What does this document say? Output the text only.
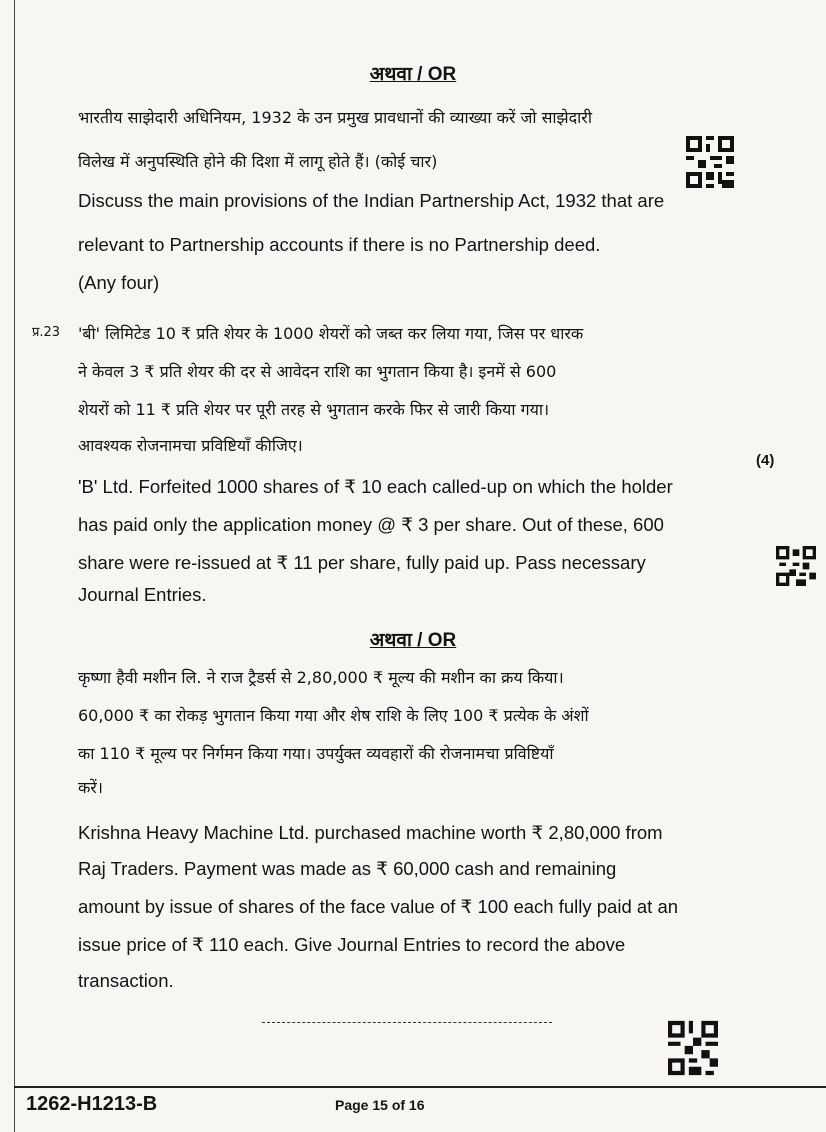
अथवा / OR
भारतीय साझेदारी अधिनियम, 1932 के उन प्रमुख प्रावधानों की व्याख्या करें जो साझेदारी
विलेख में अनुपस्थिति होने की दिशा में लागू होते हैं। (कोई चार)
Discuss the main provisions of the Indian Partnership Act, 1932 that are
relevant to Partnership accounts if there is no Partnership deed.
(Any four)
प्र.23 'बी' लिमिटेड 10 ₹ प्रति शेयर के 1000 शेयरों को जब्त कर लिया गया, जिस पर धारक
ने केवल 3 ₹ प्रति शेयर की दर से आवेदन राशि का भुगतान किया है। इनमें से 600
शेयरों को 11 ₹ प्रति शेयर पर पूरी तरह से भुगतान करके फिर से जारी किया गया।
आवश्यक रोजनामचा प्रविष्टियाँ कीजिए।
(4)
'B' Ltd. Forfeited 1000 shares of ₹ 10 each called-up on which the holder
has paid only the application money @ ₹ 3 per share. Out of these, 600
share were re-issued at ₹ 11 per share, fully paid up. Pass necessary
Journal Entries.
अथवा / OR
कृष्णा हैवी मशीन लि. ने राज ट्रैडर्स से 2,80,000 ₹ मूल्य की मशीन का क्रय किया।
60,000 ₹ का रोकड़ भुगतान किया गया और शेष राशि के लिए 100 ₹ प्रत्येक के अंशों
का 110 ₹ मूल्य पर निर्गमन किया गया। उपर्युक्त व्यवहारों की रोजनामचा प्रविष्टियाँ
करें।
Krishna Heavy Machine Ltd. purchased machine worth ₹ 2,80,000 from
Raj Traders. Payment was made as ₹ 60,000 cash and remaining
amount by issue of shares of the face value of ₹ 100 each fully paid at an
issue price of ₹ 110 each. Give Journal Entries to record the above
transaction.
1262-H1213-B	Page 15 of 16
